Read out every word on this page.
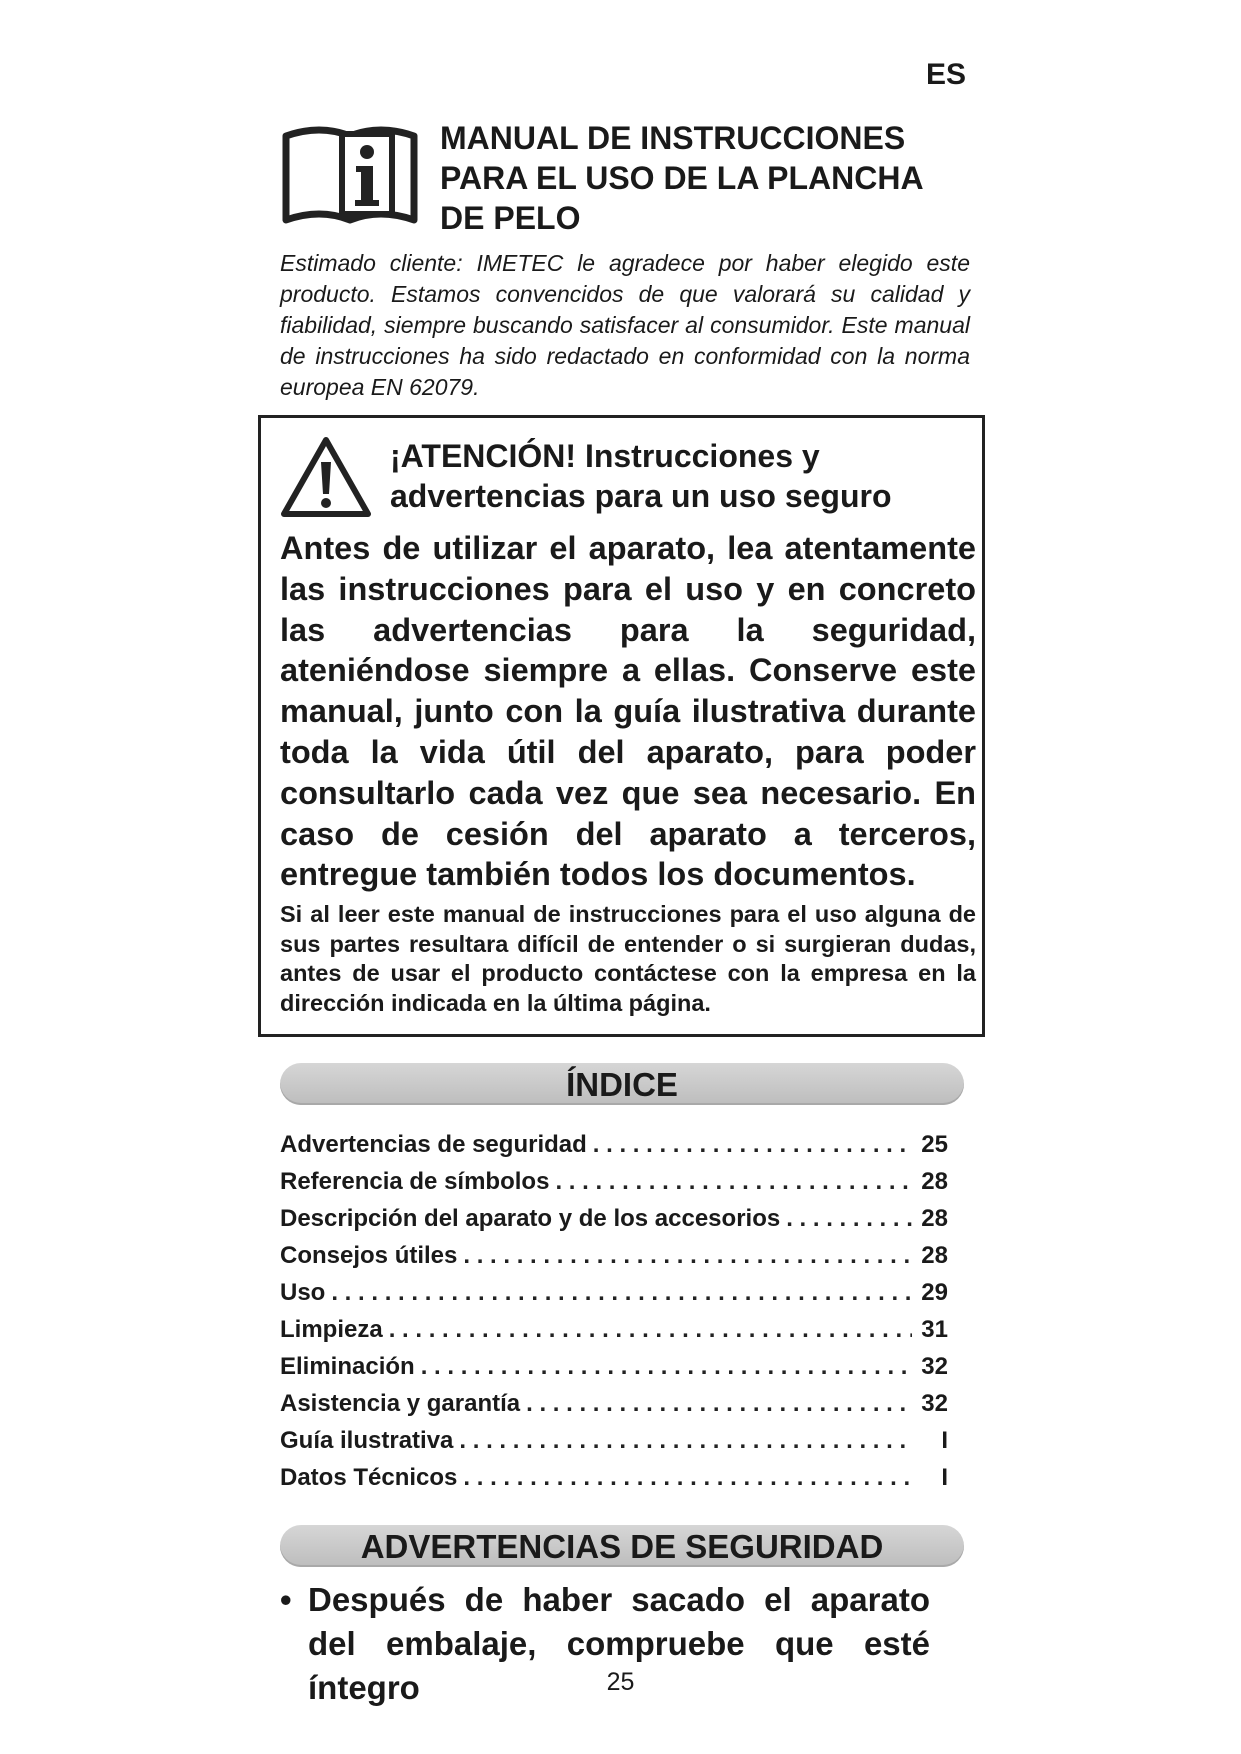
ES
MANUAL DE INSTRUCCIONES
PARA EL USO DE LA PLANCHA
DE PELO
Estimado cliente: IMETEC le agradece por haber elegido este producto. Estamos convencidos de que valorará su calidad y fiabilidad, siempre buscando satisfacer al consumidor. Este manual de instrucciones ha sido redactado en conformidad con la norma europea EN 62079.
¡ATENCIÓN! Instrucciones y
advertencias para un uso seguro
Antes de utilizar el aparato, lea atentamente las instrucciones para el uso y en concreto las advertencias para la seguridad, ateniéndose siempre a ellas. Conserve este manual, junto con la guía ilustrativa durante toda la vida útil del aparato, para poder consultarlo cada vez que sea necesario. En caso de cesión del aparato a terceros, entregue también todos los documentos.
Si al leer este manual de instrucciones para el uso alguna de sus partes resultara difícil de entender o si surgieran dudas, antes de usar el producto contáctese con la empresa en la dirección indicada en la última página.
ÍNDICE
Advertencias de seguridad . . .	25
Referencia de símbolos . . .	28
Descripción del aparato y de los accesorios . . .	28
Consejos útiles . . .	28
Uso . . .	29
Limpieza . . .	31
Eliminación . . .	32
Asistencia y garantía . . .	32
Guía ilustrativa . . .	I
Datos Técnicos . . .	I
ADVERTENCIAS DE SEGURIDAD
• Después de haber sacado el aparato del embalaje, compruebe que esté íntegro	25
